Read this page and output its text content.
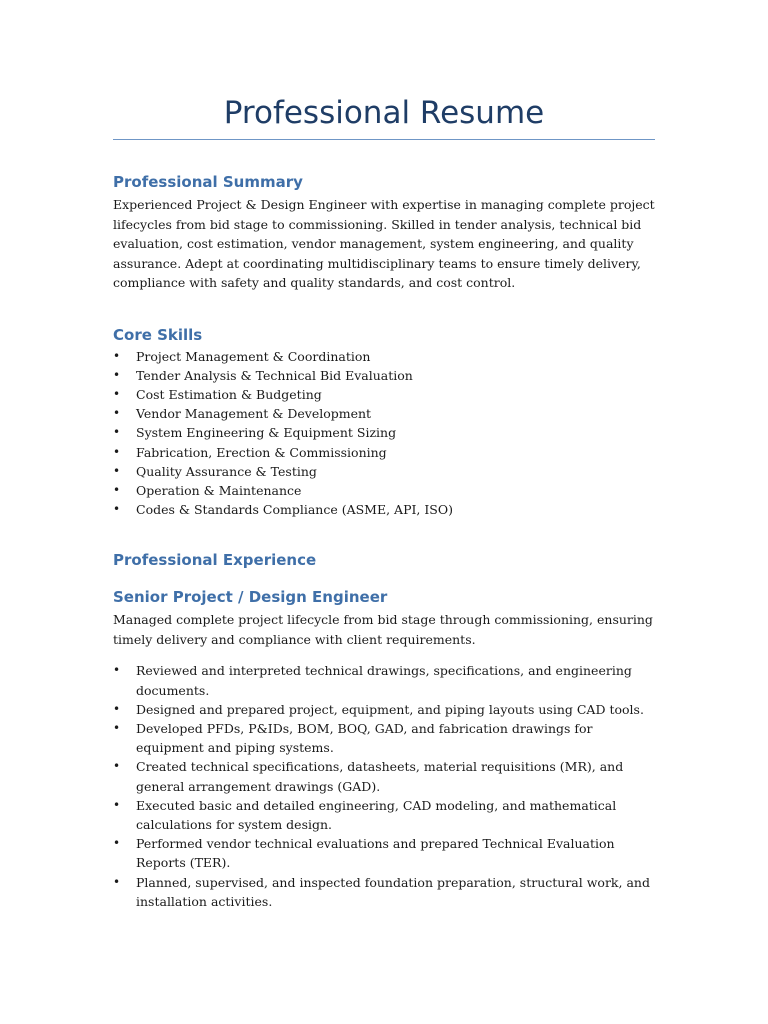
Professional Resume
Professional Summary

Experienced Project & Design Engineer with expertise in managing complete project lifecycles from bid stage to commissioning. Skilled in tender analysis, technical bid evaluation, cost estimation, vendor management, system engineering, and quality assurance. Adept at coordinating multidisciplinary teams to ensure timely delivery, compliance with safety and quality standards, and cost control.

Core Skills
• Project Management & Coordination
• Tender Analysis & Technical Bid Evaluation
• Cost Estimation & Budgeting
• Vendor Management & Development
• System Engineering & Equipment Sizing
• Fabrication, Erection & Commissioning
• Quality Assurance & Testing
• Operation & Maintenance
• Codes & Standards Compliance (ASME, API, ISO)
Professional Experience
Senior Project / Design Engineer

Managed complete project lifecycle from bid stage through commissioning, ensuring timely delivery and compliance with client requirements.

• Reviewed and interpreted technical drawings, specifications, and engineering documents.
• Designed and prepared project, equipment, and piping layouts using CAD tools.
• Developed PFDs, P&IDs, BOM, BOQ, GAD, and fabrication drawings for equipment and piping systems.
• Created technical specifications, datasheets, material requisitions (MR), and general arrangement drawings (GAD).
• Executed basic and detailed engineering, CAD modeling, and mathematical calculations for system design.
• Performed vendor technical evaluations and prepared Technical Evaluation Reports (TER).
• Planned, supervised, and inspected foundation preparation, structural work, and installation activities.
